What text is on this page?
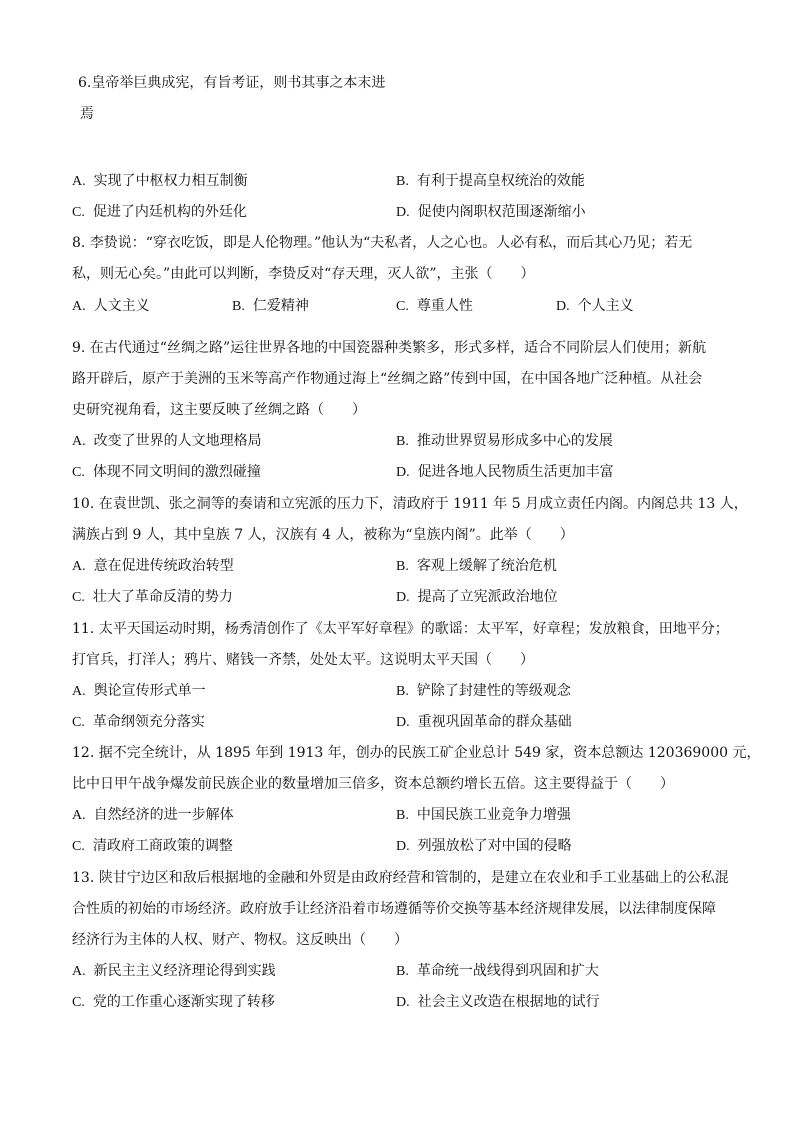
6.皇帝举巨典成宪，有旨考证，则书其事之本末进
焉
A. 实现了中枢权力相互制衡	B. 有利于提高皇权统治的效能
C. 促进了内廷机构的外廷化	D. 促使内阁职权范围逐渐缩小
8. 李贽说：“穿衣吃饭，即是人伦物理。”他认为“夫私者，人之心也。人必有私，而后其心乃见；若无
私，则无心矣。”由此可以判断，李贽反对“存天理，灭人欲”，主张（　　）
A. 人文主义	B. 仁爱精神	C. 尊重人性	D. 个人主义
9. 在古代通过“丝绸之路”运往世界各地的中国瓷器种类繁多，形式多样，适合不同阶层人们使用；新航
路开辟后，原产于美洲的玉米等高产作物通过海上“丝绸之路”传到中国，在中国各地广泛种植。从社会
史研究视角看，这主要反映了丝绸之路（　　）
A. 改变了世界的人文地理格局	B. 推动世界贸易形成多中心的发展
C. 体现不同文明间的激烈碰撞	D. 促进各地人民物质生活更加丰富
10. 在袁世凯、张之洞等的奏请和立宪派的压力下，清政府于 1911 年 5 月成立责任内阁。内阁总共 13 人，
满族占到 9 人，其中皇族 7 人，汉族有 4 人，被称为“皇族内阁”。此举（　　）
A. 意在促进传统政治转型	B. 客观上缓解了统治危机
C. 壮大了革命反清的势力	D. 提高了立宪派政治地位
11. 太平天国运动时期，杨秀清创作了《太平军好章程》的歌谣：太平军，好章程；发放粮食，田地平分；
打官兵，打洋人；鸦片、赌钱一齐禁，处处太平。这说明太平天国（　　）
A. 舆论宣传形式单一	B. 铲除了封建性的等级观念
C. 革命纲领充分落实	D. 重视巩固革命的群众基础
12. 据不完全统计，从 1895 年到 1913 年，创办的民族工矿企业总计 549 家，资本总额达 120369000 元，
比中日甲午战争爆发前民族企业的数量增加三倍多，资本总额约增长五倍。这主要得益于（　　）
A. 自然经济的进一步解体	B. 中国民族工业竞争力增强
C. 清政府工商政策的调整	D. 列强放松了对中国的侵略
13. 陕甘宁边区和敌后根据地的金融和外贸是由政府经营和管制的，是建立在农业和手工业基础上的公私混
合性质的初始的市场经济。政府放手让经济沿着市场遵循等价交换等基本经济规律发展，以法律制度保障
经济行为主体的人权、财产、物权。这反映出（　　）
A. 新民主主义经济理论得到实践	B. 革命统一战线得到巩固和扩大
C. 党的工作重心逐渐实现了转移	D. 社会主义改造在根据地的试行
